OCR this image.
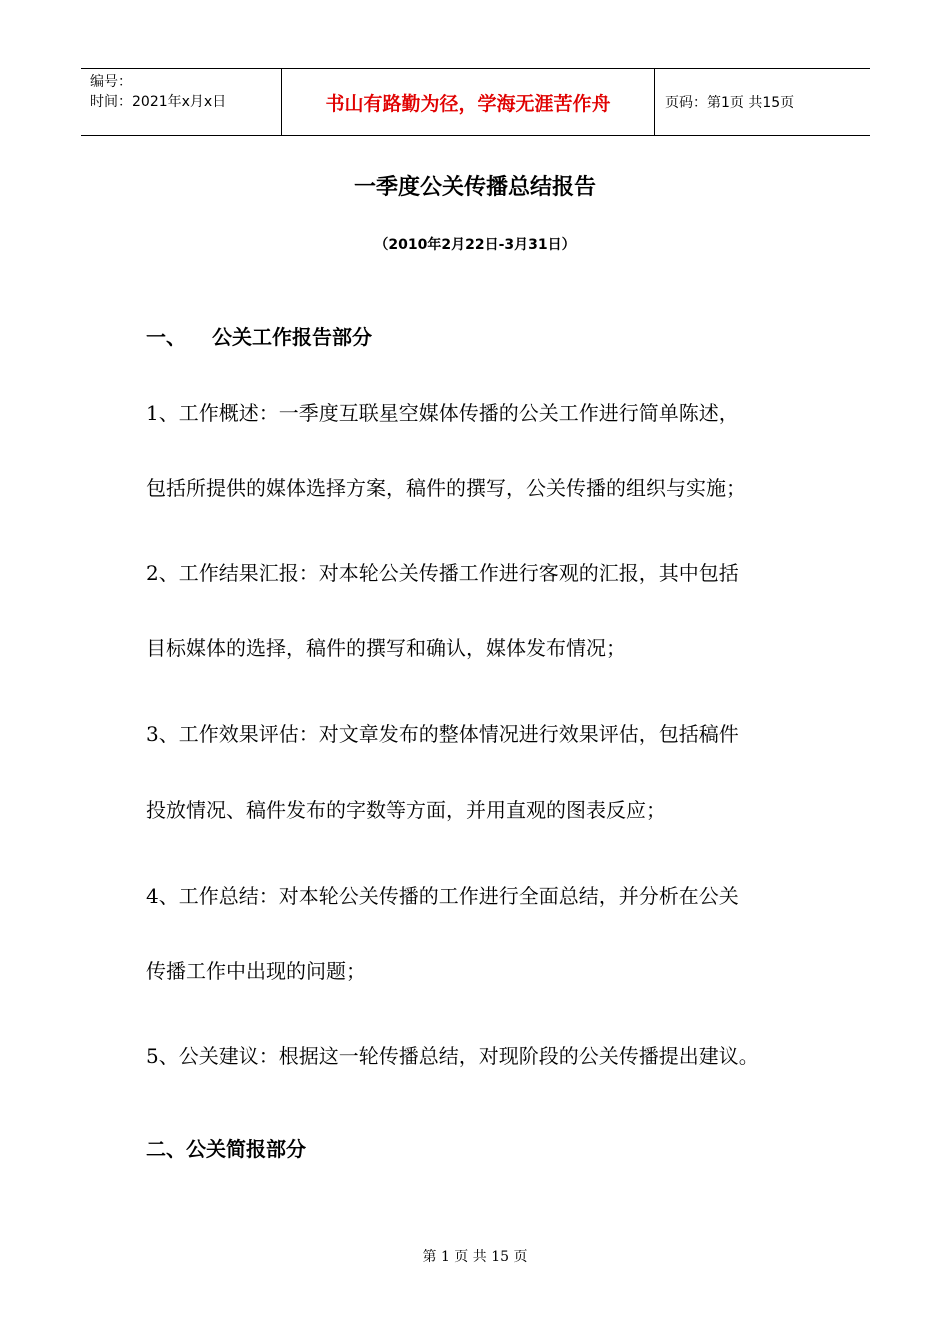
编号：
时间：2021年x月x日	书山有路勤为径，学海无涯苦作舟	页码：第1页 共15页
一季度公关传播总结报告
（2010年2月22日-3月31日）
一、 公关工作报告部分
1、工作概述：一季度互联星空媒体传播的公关工作进行简单陈述，
包括所提供的媒体选择方案，稿件的撰写，公关传播的组织与实施；
2、工作结果汇报：对本轮公关传播工作进行客观的汇报，其中包括
目标媒体的选择，稿件的撰写和确认，媒体发布情况；
3、工作效果评估：对文章发布的整体情况进行效果评估，包括稿件
投放情况、稿件发布的字数等方面，并用直观的图表反应；
4、工作总结：对本轮公关传播的工作进行全面总结，并分析在公关
传播工作中出现的问题；
5、公关建议：根据这一轮传播总结，对现阶段的公关传播提出建议。
二、公关简报部分
第 1 页 共 15 页
